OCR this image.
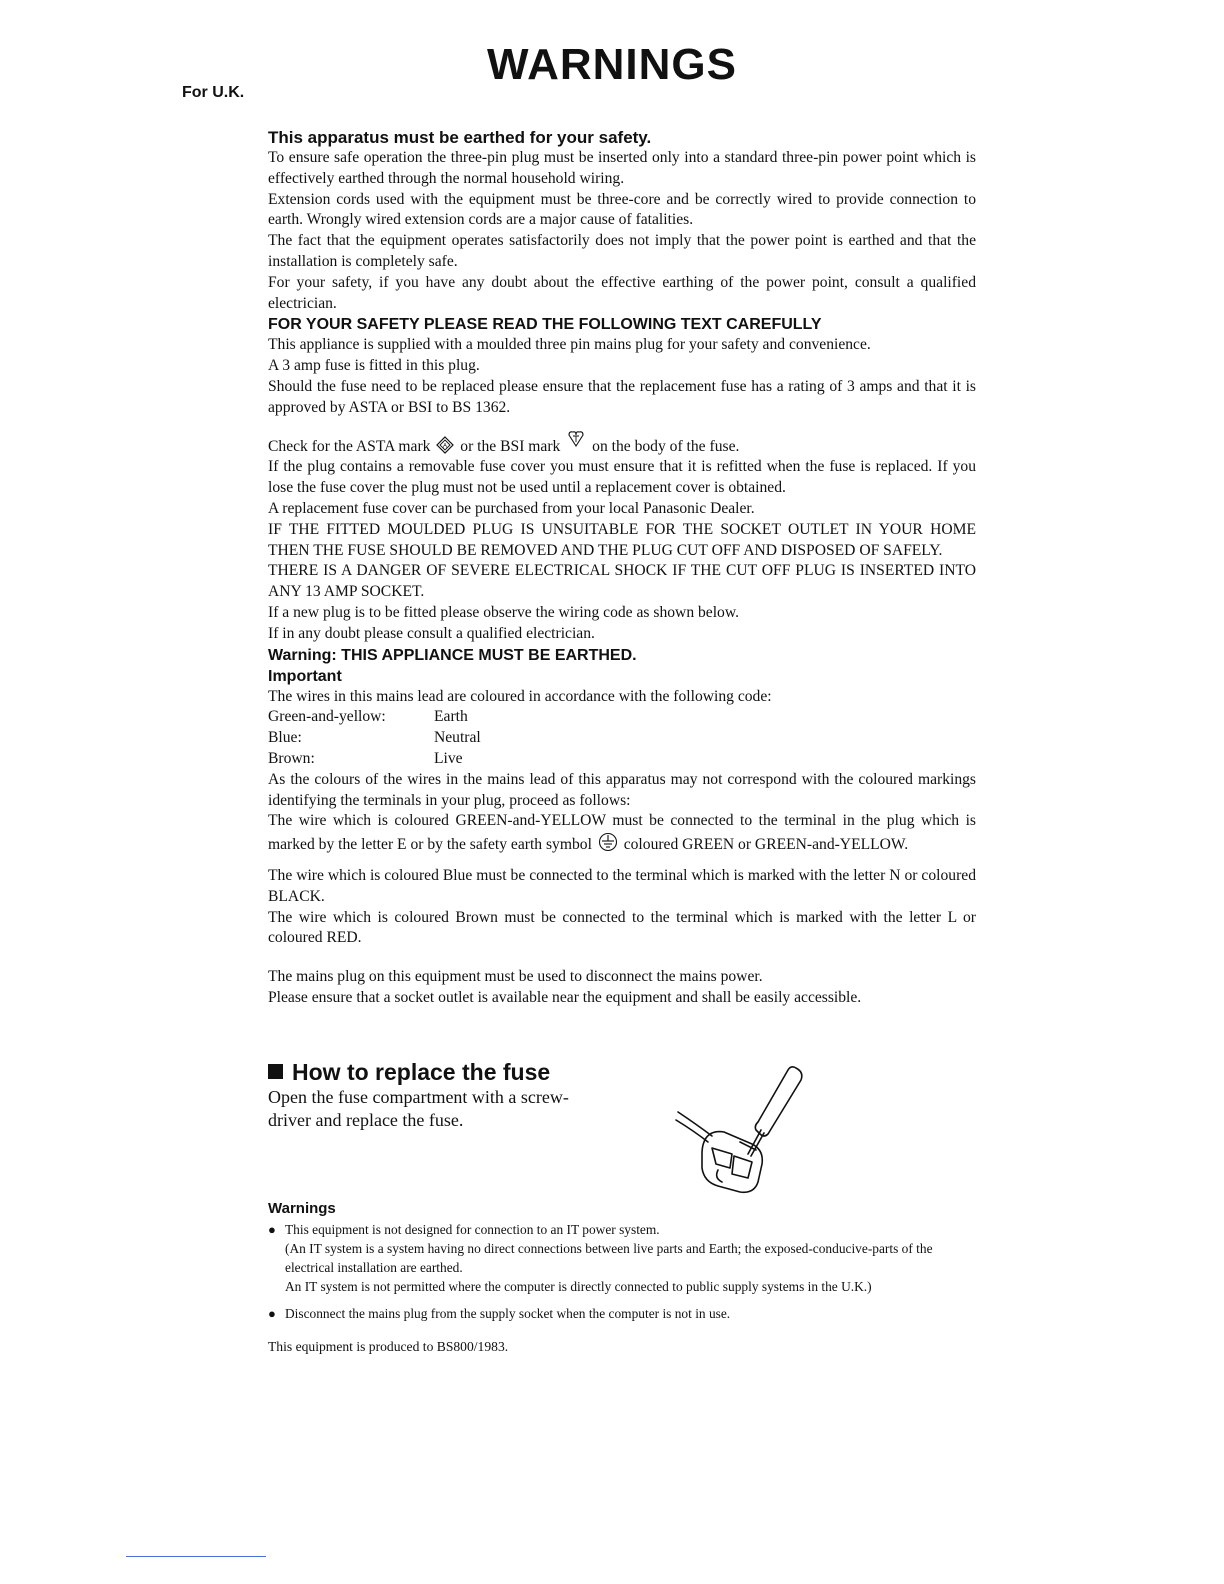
WARNINGS
For U.K.

This apparatus must be earthed for your safety.

To ensure safe operation the three-pin plug must be inserted only into a standard three-pin power point which is effectively earthed through the normal household wiring.

Extension cords used with the equipment must be three-core and be correctly wired to provide connection to earth. Wrongly wired extension cords are a major cause of fatalities.

The fact that the equipment operates satisfactorily does not imply that the power point is earthed and that the installation is completely safe.

For your safety, if you have any doubt about the effective earthing of the power point, consult a qualified electrician.

FOR YOUR SAFETY PLEASE READ THE FOLLOWING TEXT CAREFULLY

This appliance is supplied with a moulded three pin mains plug for your safety and convenience.

A 3 amp fuse is fitted in this plug.

Should the fuse need to be replaced please ensure that the replacement fuse has a rating of 3 amps and that it is approved by ASTA or BSI to BS 1362.

Check for the ASTA mark A or the BSI mark on the body of the fuse.

If the plug contains a removable fuse cover you must ensure that it is refitted when the fuse is replaced. If you lose the fuse cover the plug must not be used until a replacement cover is obtained.

A replacement fuse cover can be purchased from your local Panasonic Dealer.

IF THE FITTED MOULDED PLUG IS UNSUITABLE FOR THE SOCKET OUTLET IN YOUR HOME THEN THE FUSE SHOULD BE REMOVED AND THE PLUG CUT OFF AND DISPOSED OF SAFELY.

THERE IS A DANGER OF SEVERE ELECTRICAL SHOCK IF THE CUT OFF PLUG IS INSERTED INTO ANY 13 AMP SOCKET.

If a new plug is to be fitted please observe the wiring code as shown below.

If in any doubt please consult a qualified electrician.

Warning: THIS APPLIANCE MUST BE EARTHED.

Important

The wires in this mains lead are coloured in accordance with the following code:

Green-and-yellow:	Earth
Blue:	Neutral
Brown:	Live

As the colours of the wires in the mains lead of this apparatus may not correspond with the coloured markings identifying the terminals in your plug, proceed as follows:

The wire which is coloured GREEN-and-YELLOW must be connected to the terminal in the plug which is marked by the letter E or by the safety earth symbol coloured GREEN or GREEN-and-YELLOW.

The wire which is coloured Blue must be connected to the terminal which is marked with the letter N or coloured BLACK.

The wire which is coloured Brown must be connected to the terminal which is marked with the letter L or coloured RED.

The mains plug on this equipment must be used to disconnect the mains power.

Please ensure that a socket outlet is available near the equipment and shall be easily accessible.

How to replace the fuse

Open the fuse compartment with a screw-driver and replace the fuse.

Warnings

● This equipment is not designed for connection to an IT power system.

(An IT system is a system having no direct connections between live parts and Earth; the exposed-conducive-parts of the electrical installation are earthed.

An IT system is not permitted where the computer is directly connected to public supply systems in the U.K.)

● Disconnect the mains plug from the supply socket when the computer is not in use.

This equipment is produced to BS800/1983.
